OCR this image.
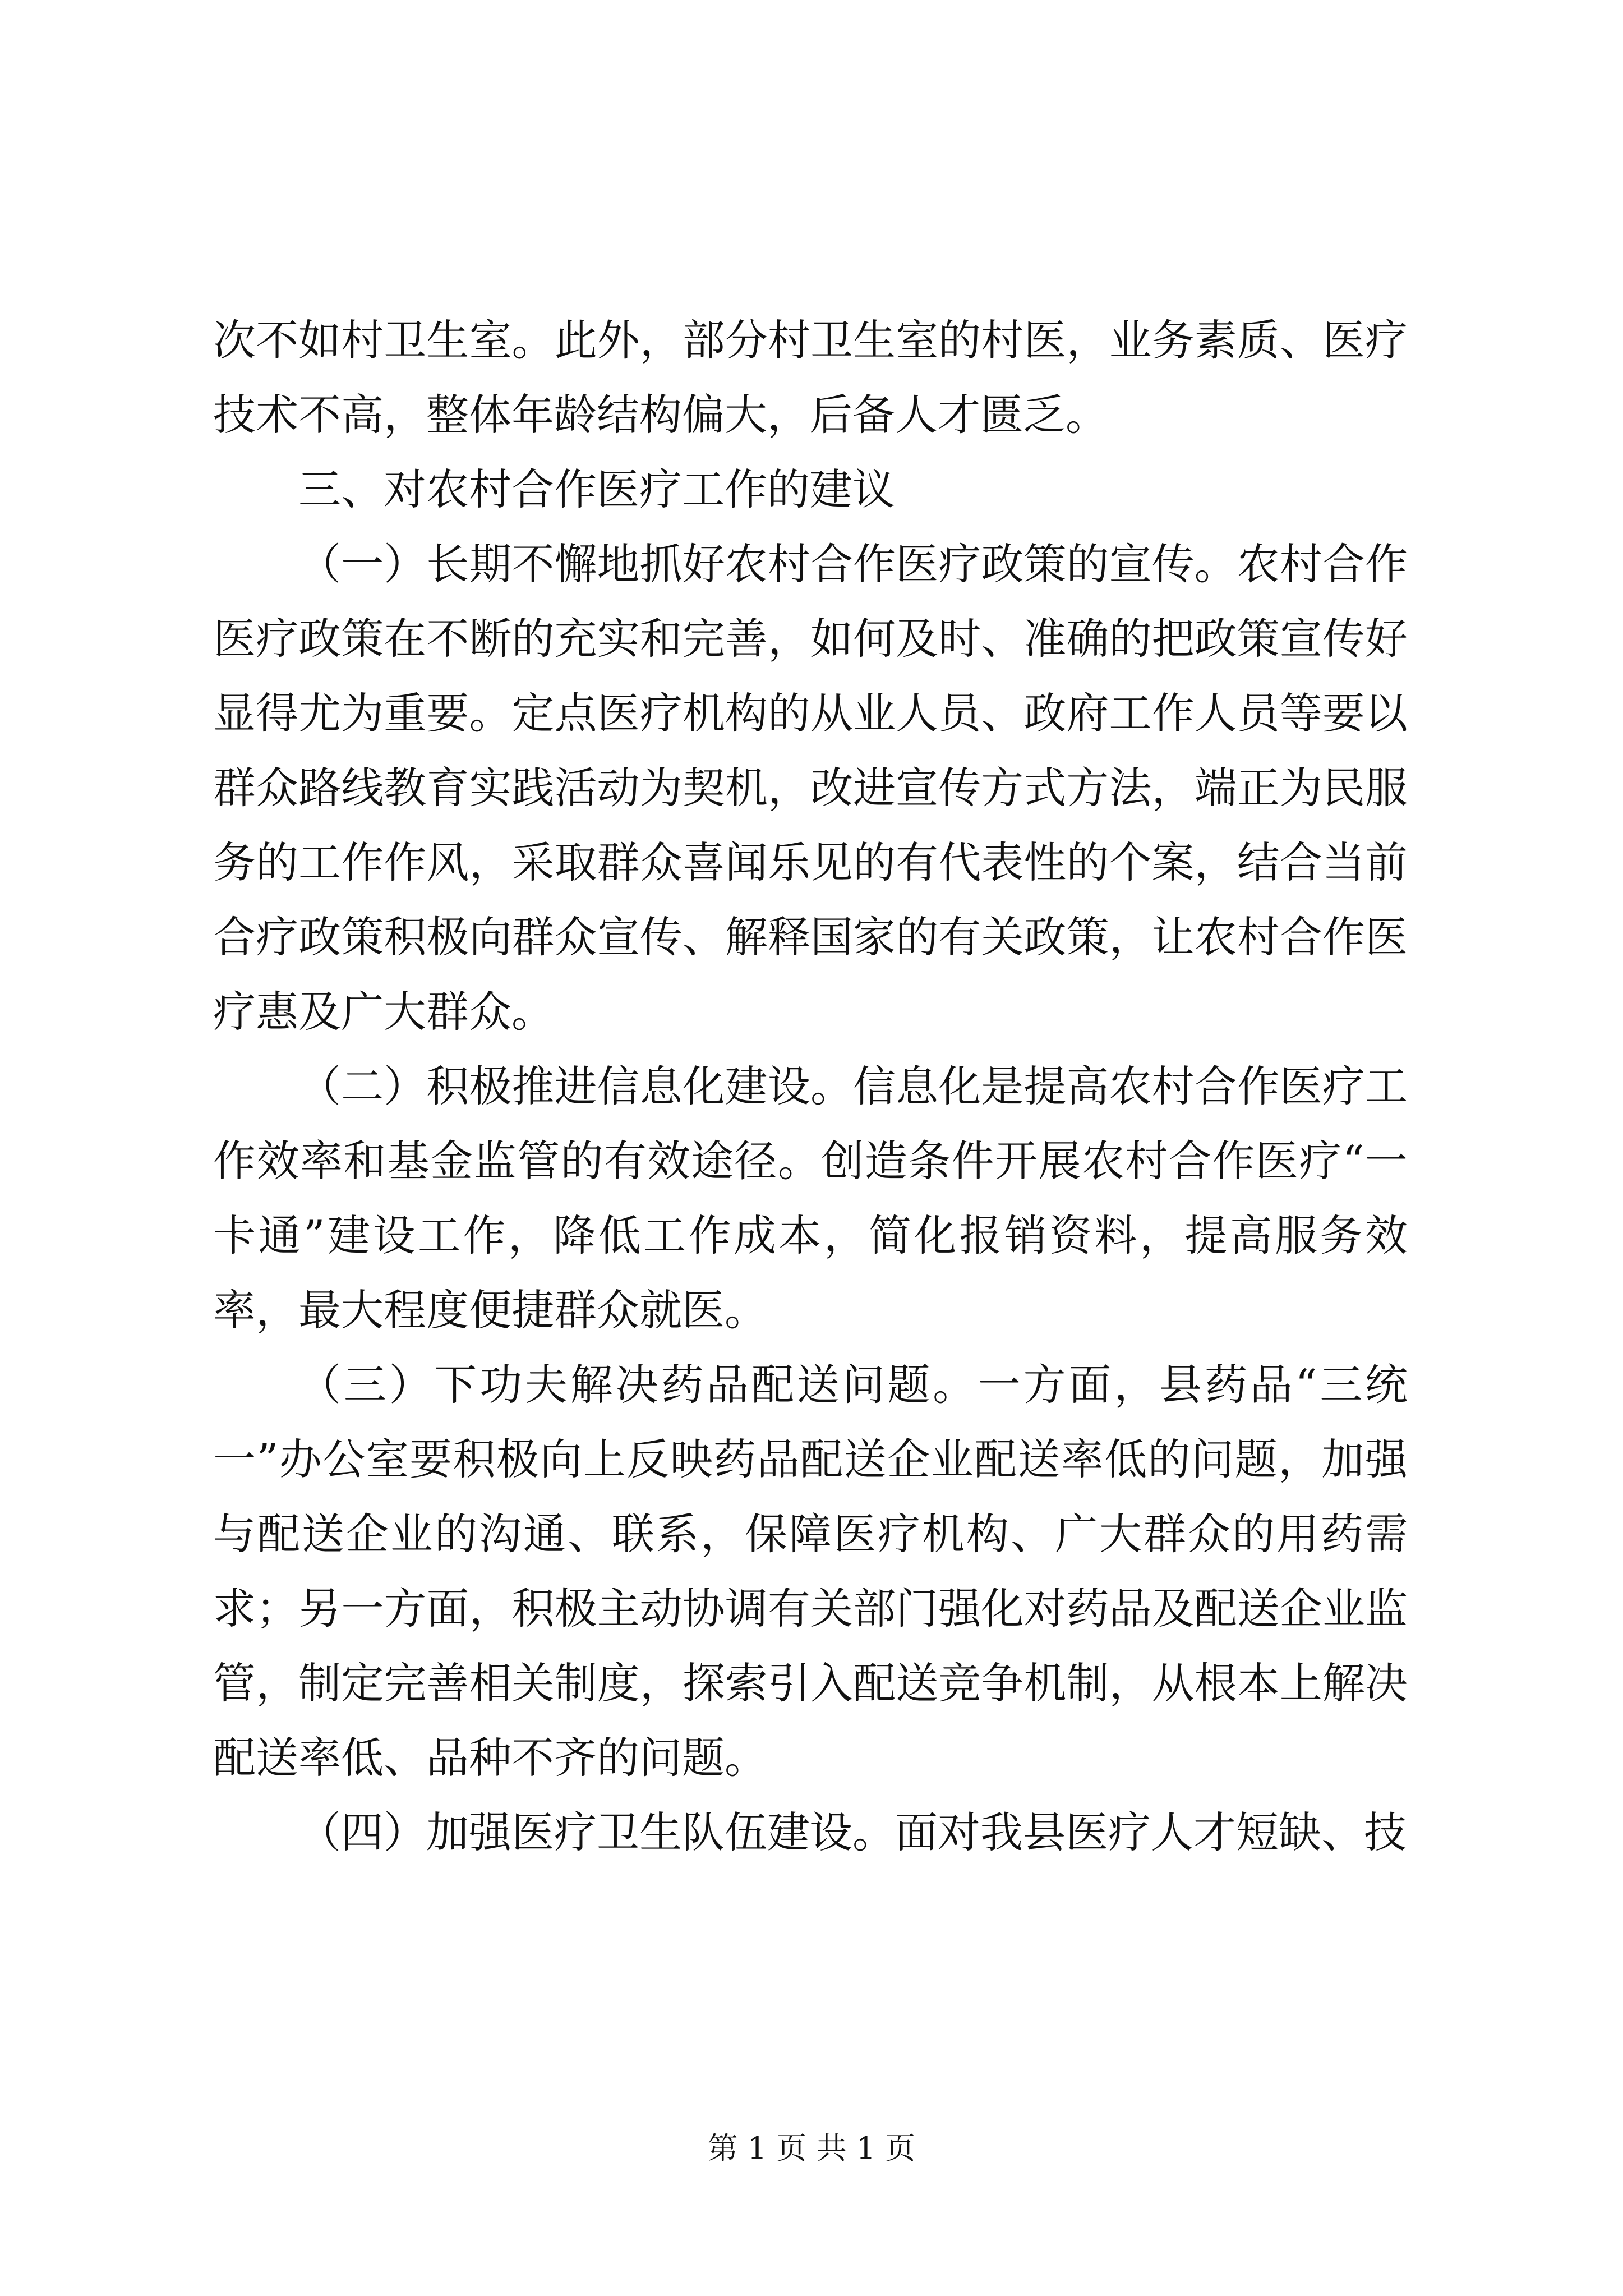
次不如村卫生室。此外，部分村卫生室的村医，业务素质、医疗技术不高，整体年龄结构偏大，后备人才匮乏。

三、对农村合作医疗工作的建议

（一）长期不懈地抓好农村合作医疗政策的宣传。农村合作医疗政策在不断的充实和完善，如何及时、准确的把政策宣传好显得尤为重要。定点医疗机构的从业人员、政府工作人员等要以群众路线教育实践活动为契机，改进宣传方式方法，端正为民服务的工作作风，采取群众喜闻乐见的有代表性的个案，结合当前合疗政策积极向群众宣传、解释国家的有关政策，让农村合作医疗惠及广大群众。

（二）积极推进信息化建设。信息化是提高农村合作医疗工作效率和基金监管的有效途径。创造条件开展农村合作医疗“一卡通”建设工作，降低工作成本，简化报销资料，提高服务效率，最大程度便捷群众就医。

（三）下功夫解决药品配送问题。一方面，县药品“三统一”办公室要积极向上反映药品配送企业配送率低的问题，加强与配送企业的沟通、联系，保障医疗机构、广大群众的用药需求；另一方面，积极主动协调有关部门强化对药品及配送企业监管，制定完善相关制度，探索引入配送竞争机制，从根本上解决配送率低、品种不齐的问题。

（四）加强医疗卫生队伍建设。面对我县医疗人才短缺、技

第 1 页 共 1 页
